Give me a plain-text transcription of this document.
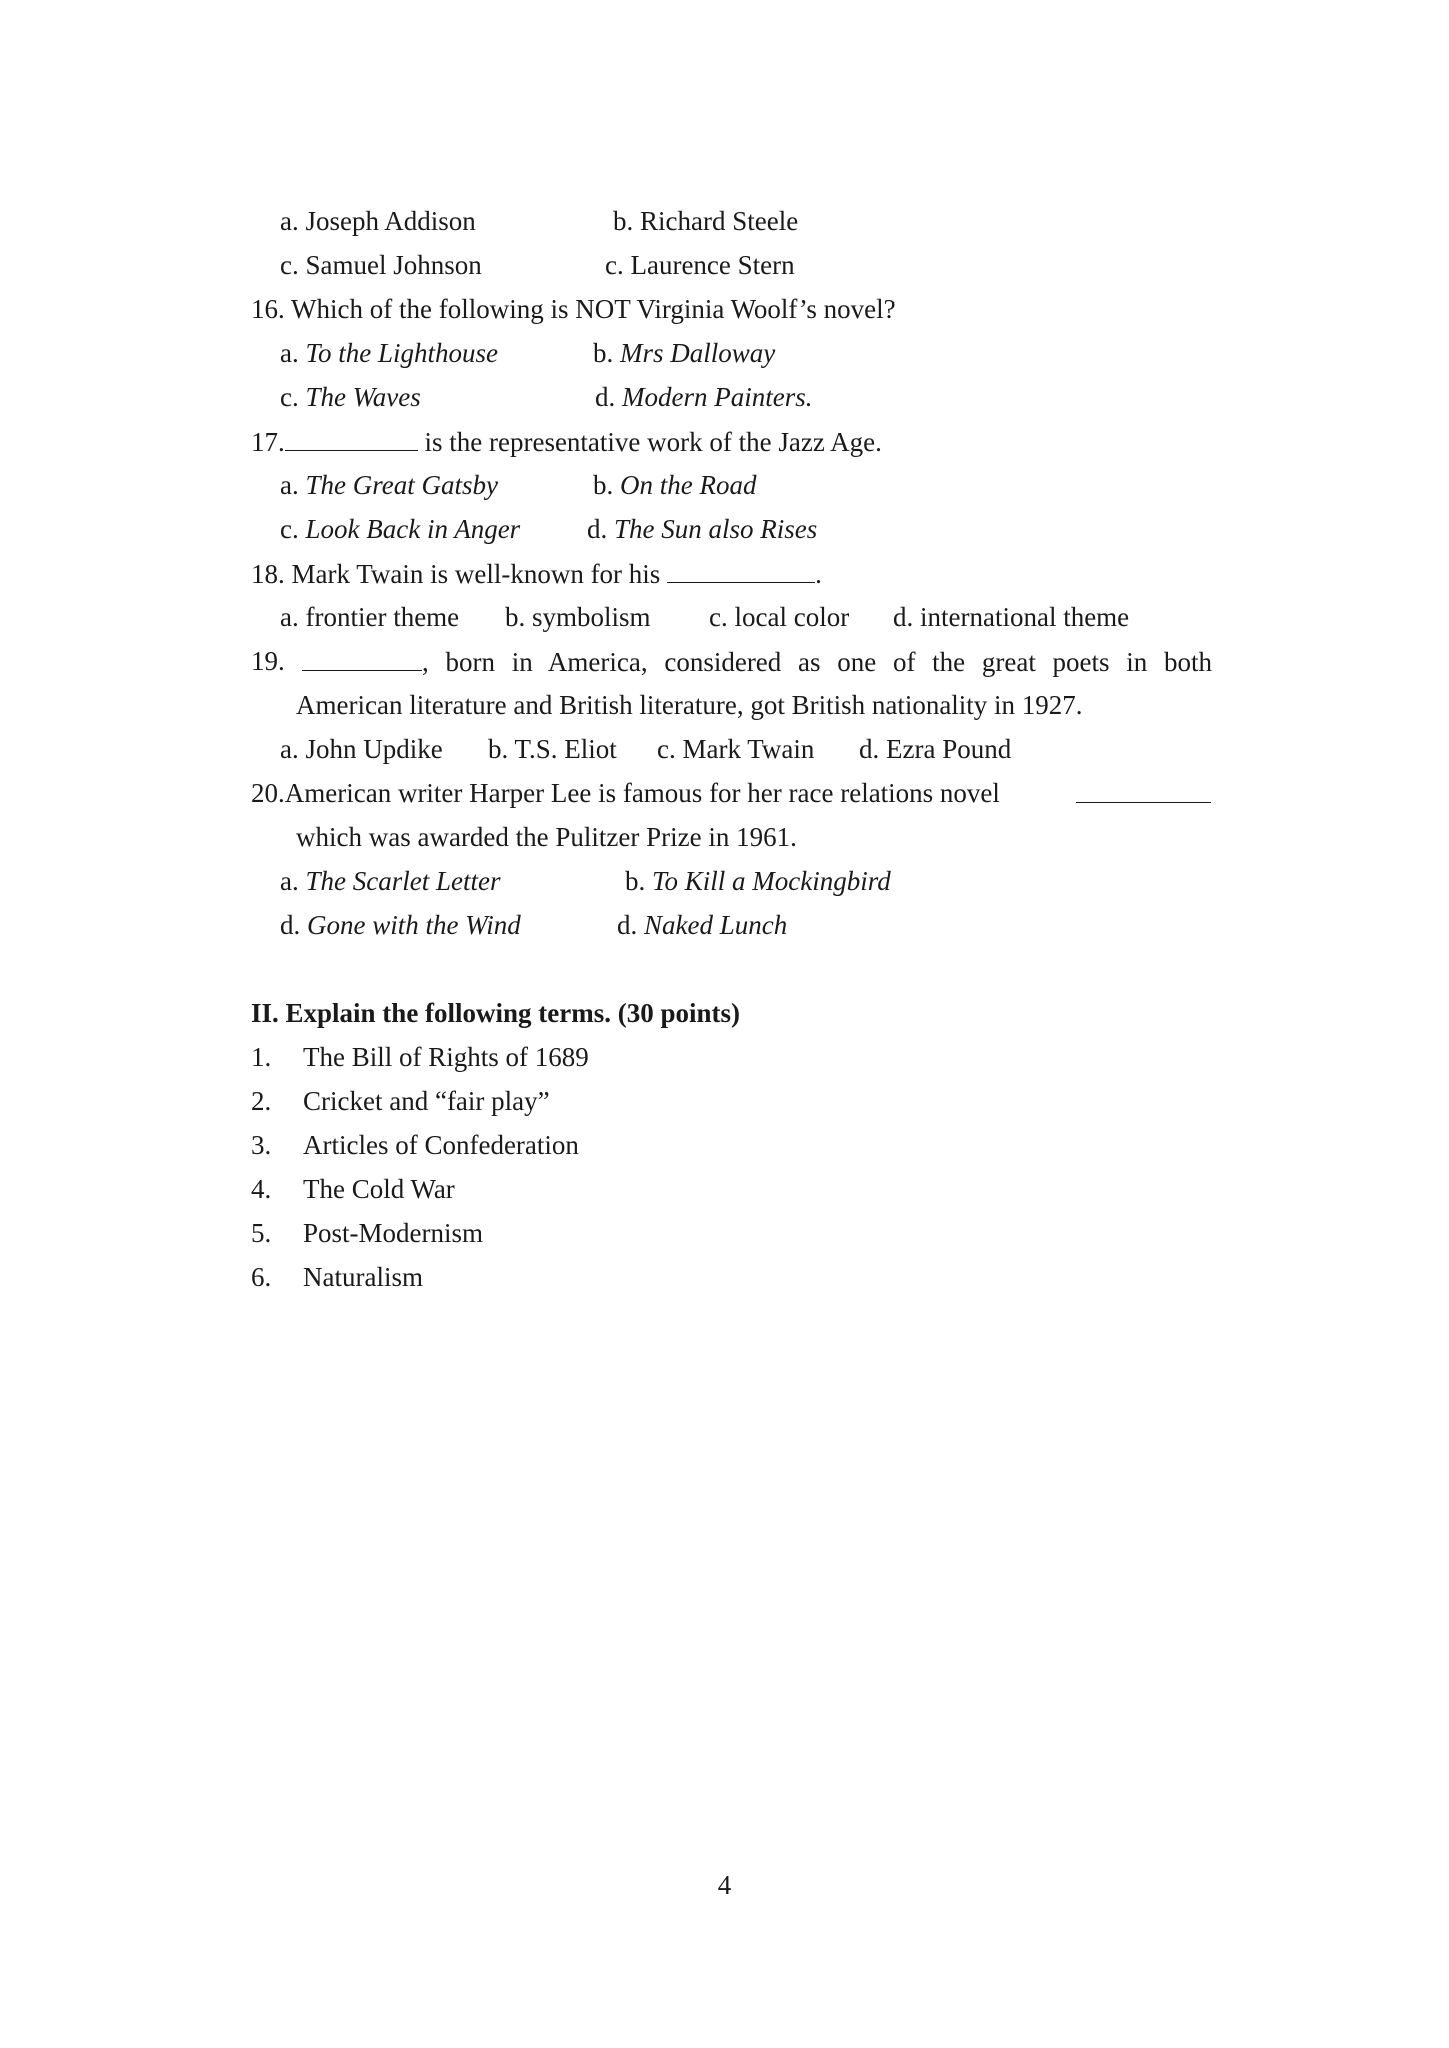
a. Joseph Addison	b. Richard Steele
c. Samuel Johnson	c. Laurence Stern
16. Which of the following is NOT Virginia Woolf’s novel?
a. To the Lighthouse	b. Mrs Dalloway
c. The Waves	d. Modern Painters.
17.	is the representative work of the Jazz Age.
a. The Great Gatsby	b. On the Road
c. Look Back in Anger d. The Sun also Rises
18. Mark Twain is well-known for his	.
a. frontier theme b. symbolism c. local color d. international theme
19.	, born in America, considered as one of the great poets in both
American literature and British literature, got British nationality in 1927.
a. John Updike b. T.S. Eliot c. Mark Twain d. Ezra Pound
20.American writer Harper Lee is famous for her race relations novel
which was awarded the Pulitzer Prize in 1961.
a. The Scarlet Letter	b. To Kill a Mockingbird
d. Gone with the Wind	d. Naked Lunch
II. Explain the following terms. (30 points)
1. The Bill of Rights of 1689
2. Cricket and “fair play”
3. Articles of Confederation
4. The Cold War
5. Post-Modernism
6. Naturalism
4
